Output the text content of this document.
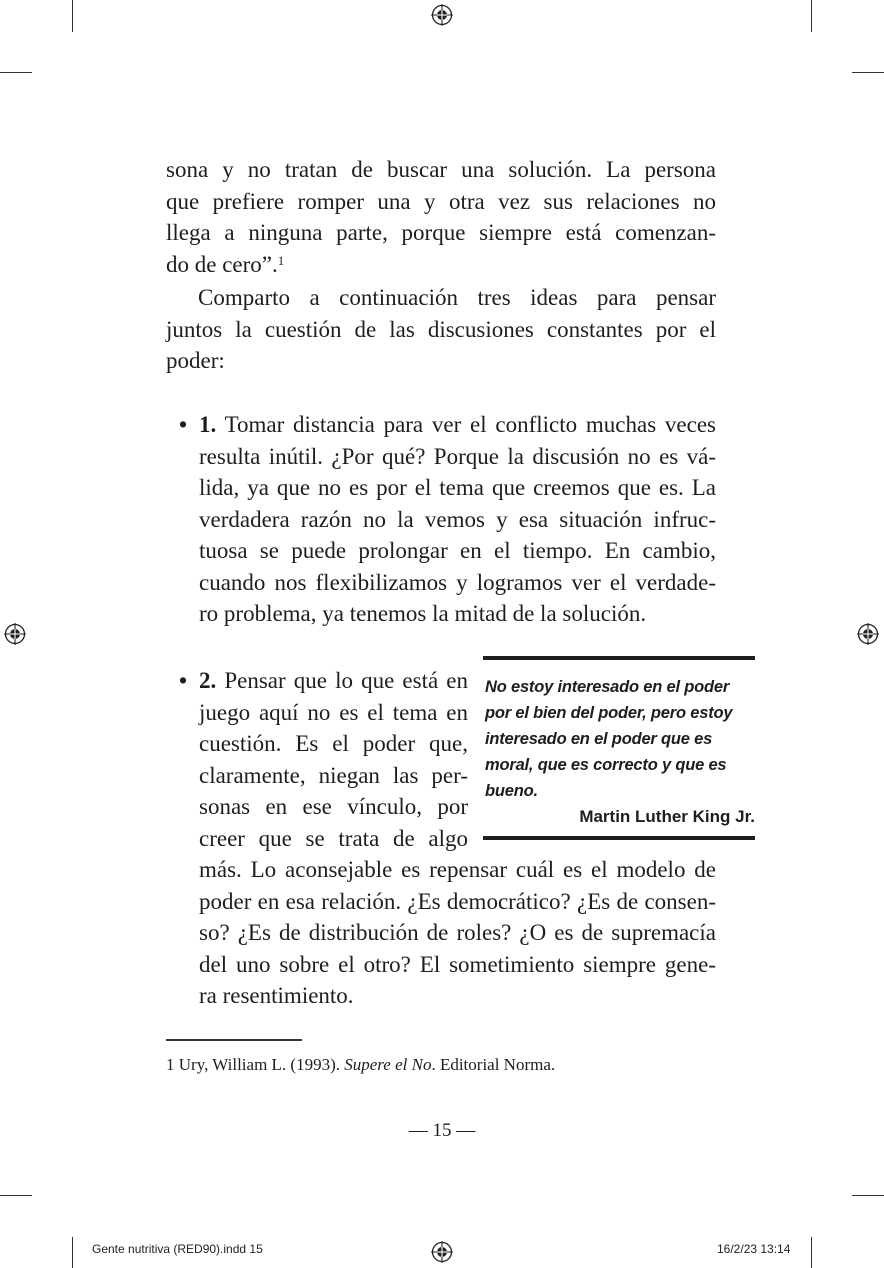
sona y no tratan de buscar una solución. La persona

que prefiere romper una y otra vez sus relaciones no

llega a ninguna parte, porque siempre está comenzan-

do de cero”.$^1$

Comparto a continuación tres ideas para pensar

juntos la cuestión de las discusiones constantes por el

poder:

• 1. Tomar distancia para ver el conflicto muchas veces

resulta inútil. ¿Por qué? Porque la discusión no es vá-

lida, ya que no es por el tema que creemos que es. La

verdadera razón no la vemos y esa situación infruc-

tuosa se puede prolongar en el tiempo. En cambio,

cuando nos flexibilizamos y logramos ver el verdade-

ro problema, ya tenemos la mitad de la solución.

• 2. Pensar que lo que está en

juego aquí no es el tema en

cuestión. Es el poder que,

claramente, niegan las per-

sonas en ese vínculo, por

creer que se trata de algo

más. Lo aconsejable es repensar cuál es el modelo de

poder en esa relación. ¿Es democrático? ¿Es de consen-

so? ¿Es de distribución de roles? ¿O es de supremacía

del uno sobre el otro? El sometimiento siempre gene-

ra resentimiento.

No estoy interesado en el poder
por el bien del poder, pero estoy
interesado en el poder que es
moral, que es correcto y que es
bueno.
Martin Luther King Jr.
1 Ury, William L. (1993). Supere el No. Editorial Norma.
— 15 —
Gente nutritiva (RED90).indd 15	16/2/23 13:14
